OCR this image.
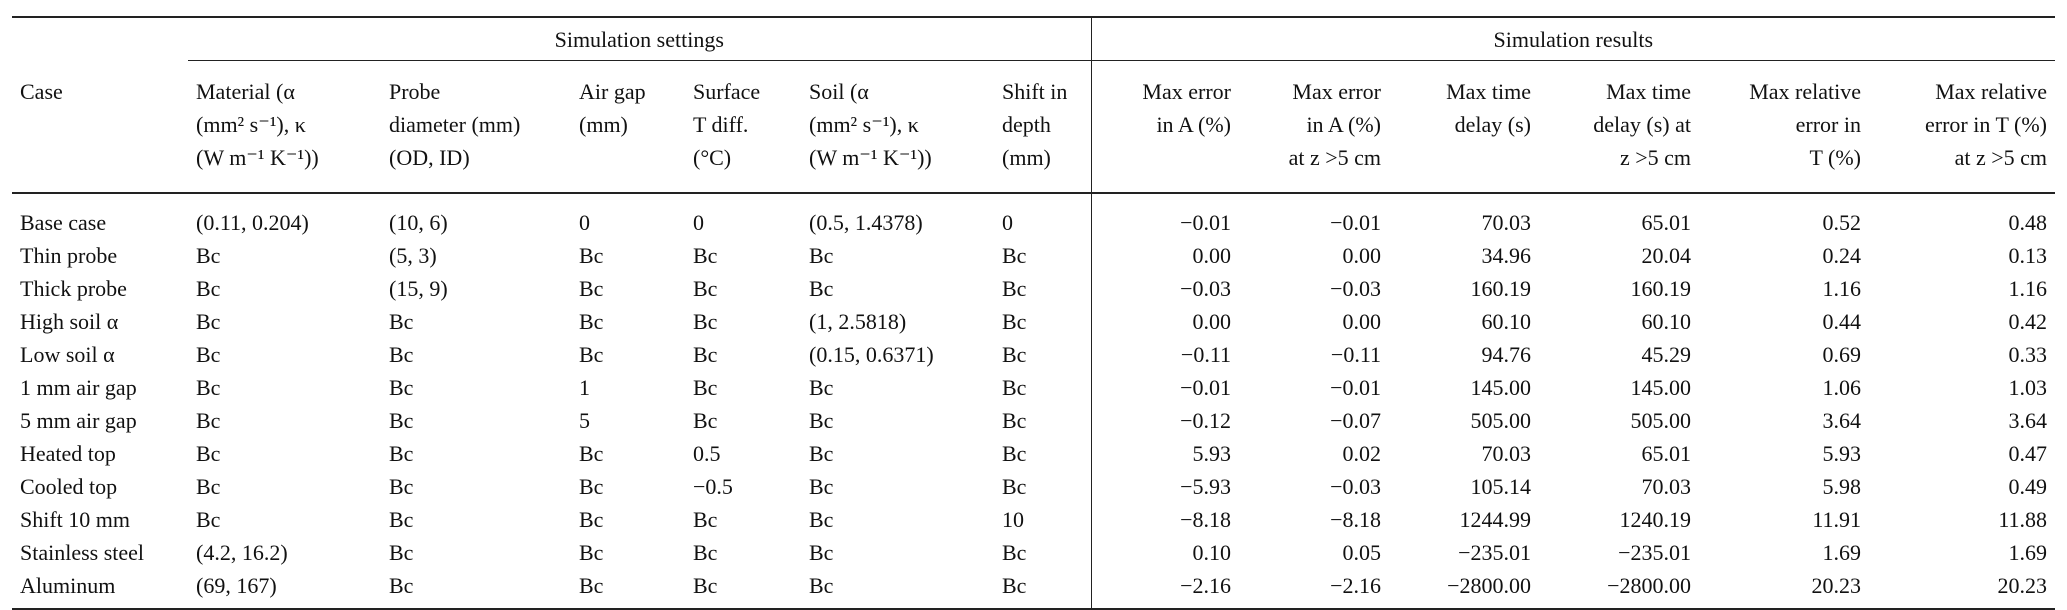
	Simulation settings						Simulation results					
Case	Material (α
(mm² s⁻¹), κ
(W m⁻¹ K⁻¹))	Probe
diameter (mm)
(OD, ID)	Air gap
(mm)	Surface
T diff.
(°C)	Soil (α
(mm² s⁻¹), κ
(W m⁻¹ K⁻¹))	Shift in
depth
(mm)	Max error
in A (%)	Max error
in A (%)
at z >5 cm	Max time
delay (s)	Max time
delay (s) at
z >5 cm	Max relative
error in
T (%)	Max relative
error in T (%)
at z >5 cm

Base case	(0.11, 0.204)	(10, 6)	0	0	(0.5, 1.4378)	0	−0.01	−0.01	70.03	65.01	0.52	0.48
Thin probe	Bc	(5, 3)	Bc	Bc	Bc	Bc	0.00	0.00	34.96	20.04	0.24	0.13
Thick probe	Bc	(15, 9)	Bc	Bc	Bc	Bc	−0.03	−0.03	160.19	160.19	1.16	1.16
High soil α	Bc	Bc	Bc	Bc	(1, 2.5818)	Bc	0.00	0.00	60.10	60.10	0.44	0.42
Low soil α	Bc	Bc	Bc	Bc	(0.15, 0.6371)	Bc	−0.11	−0.11	94.76	45.29	0.69	0.33
1 mm air gap	Bc	Bc	1	Bc	Bc	Bc	−0.01	−0.01	145.00	145.00	1.06	1.03
5 mm air gap	Bc	Bc	5	Bc	Bc	Bc	−0.12	−0.07	505.00	505.00	3.64	3.64
Heated top	Bc	Bc	Bc	0.5	Bc	Bc	5.93	0.02	70.03	65.01	5.93	0.47
Cooled top	Bc	Bc	Bc	−0.5	Bc	Bc	−5.93	−0.03	105.14	70.03	5.98	0.49
Shift 10 mm	Bc	Bc	Bc	Bc	Bc	10	−8.18	−8.18	1244.99	1240.19	11.91	11.88
Stainless steel	(4.2, 16.2)	Bc	Bc	Bc	Bc	Bc	0.10	0.05	−235.01	−235.01	1.69	1.69
Aluminum	(69, 167)	Bc	Bc	Bc	Bc	Bc	−2.16	−2.16	−2800.00	−2800.00	20.23	20.23
